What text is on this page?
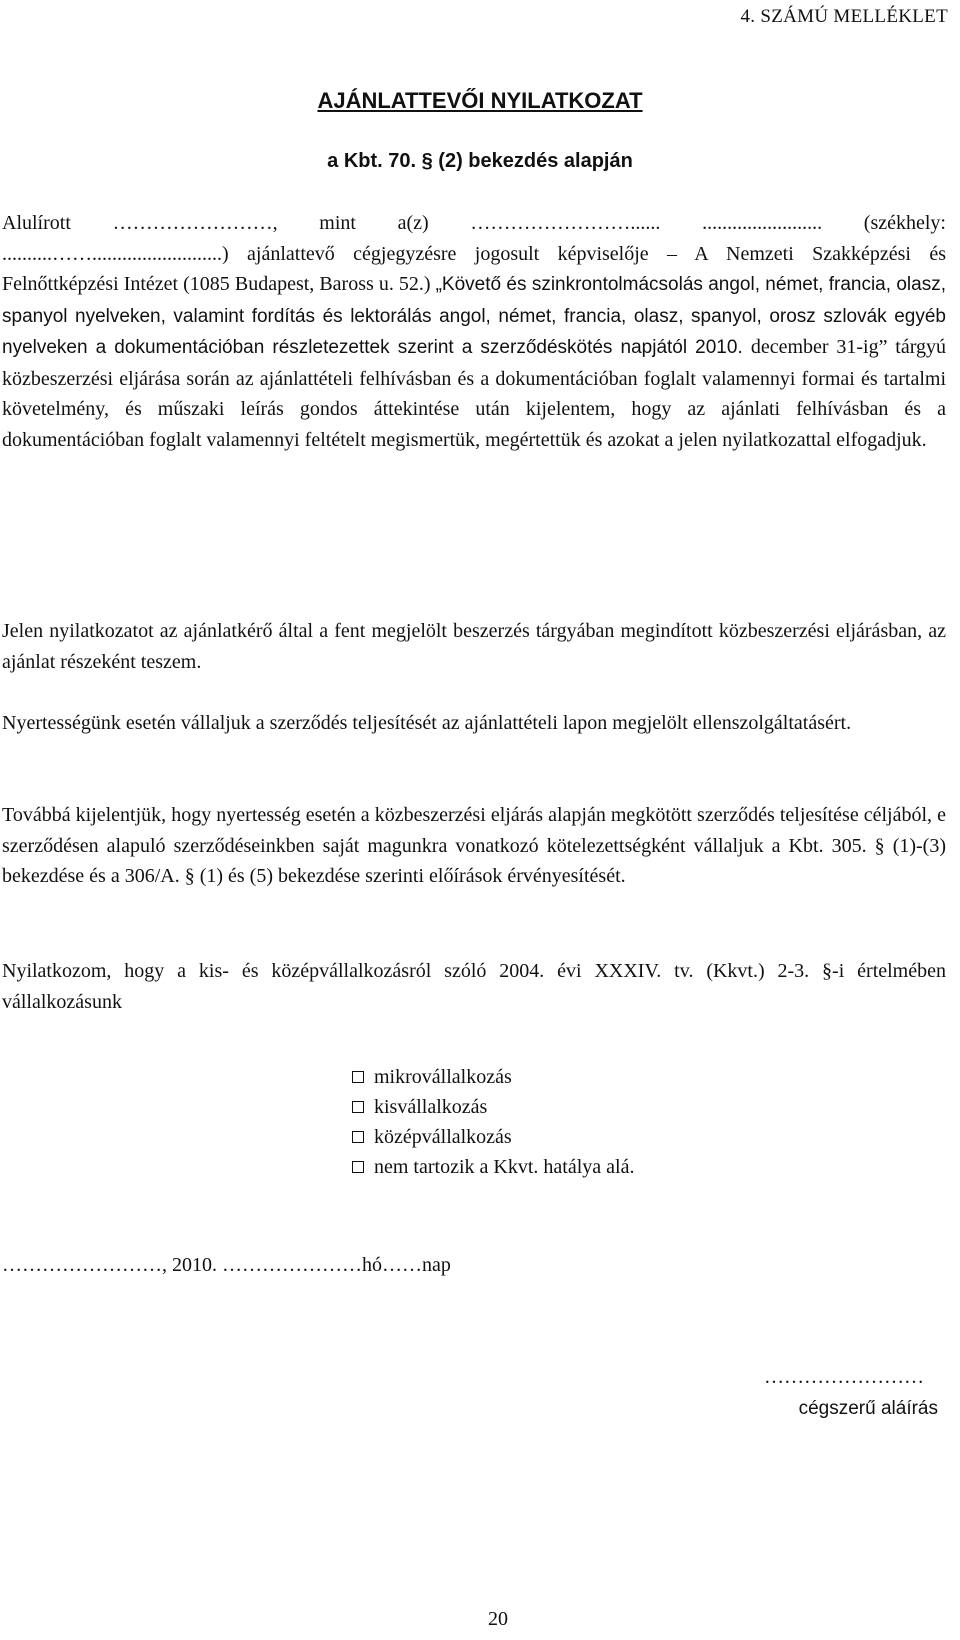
4. SZÁMÚ MELLÉKLET
AJÁNLATTEVŐI NYILATKOZAT
a Kbt. 70. § (2) bekezdés alapján
Alulírott ……………………, mint a(z) ……………………...... ........................ (székhely: ..........……..........................) ajánlattevő cégjegyzésre jogosult képviselője – A Nemzeti Szakképzési és Felnőttképzési Intézet (1085 Budapest, Baross u. 52.) „Követő és szinkrontolmácsolás angol, német, francia, olasz, spanyol nyelveken, valamint fordítás és lektorálás angol, német, francia, olasz, spanyol, orosz szlovák egyéb nyelveken a dokumentációban részletezettek szerint a szerződéskötés napjától 2010. december 31-ig” tárgyú közbeszerzési eljárása során az ajánlattételi felhívásban és a dokumentációban foglalt valamennyi formai és tartalmi követelmény, és műszaki leírás gondos áttekintése után kijelentem, hogy az ajánlati felhívásban és a dokumentációban foglalt valamennyi feltételt megismertük, megértettük és azokat a jelen nyilatkozattal elfogadjuk.
Jelen nyilatkozatot az ajánlatkérő által a fent megjelölt beszerzés tárgyában megindított közbeszerzési eljárásban, az ajánlat részeként teszem.
Nyertességünk esetén vállaljuk a szerződés teljesítését az ajánlattételi lapon megjelölt ellenszolgáltatásért.
Továbbá kijelentjük, hogy nyertesség esetén a közbeszerzési eljárás alapján megkötött szerződés teljesítése céljából, e szerződésen alapuló szerződéseinkben saját magunkra vonatkozó kötelezettségként vállaljuk a Kbt. 305. § (1)-(3) bekezdése és a 306/A. § (1) és (5) bekezdése szerinti előírások érvényesítését.
Nyilatkozom, hogy a kis- és középvállalkozásról szóló 2004. évi XXXIV. tv. (Kkvt.) 2-3. §-i értelmében vállalkozásunk
mikrovállalkozás
kisvállalkozás
középvállalkozás
nem tartozik a Kkvt. hatálya alá.
……………………, 2010. …………………hó……nap
……………………
cégszerű aláírás
20
